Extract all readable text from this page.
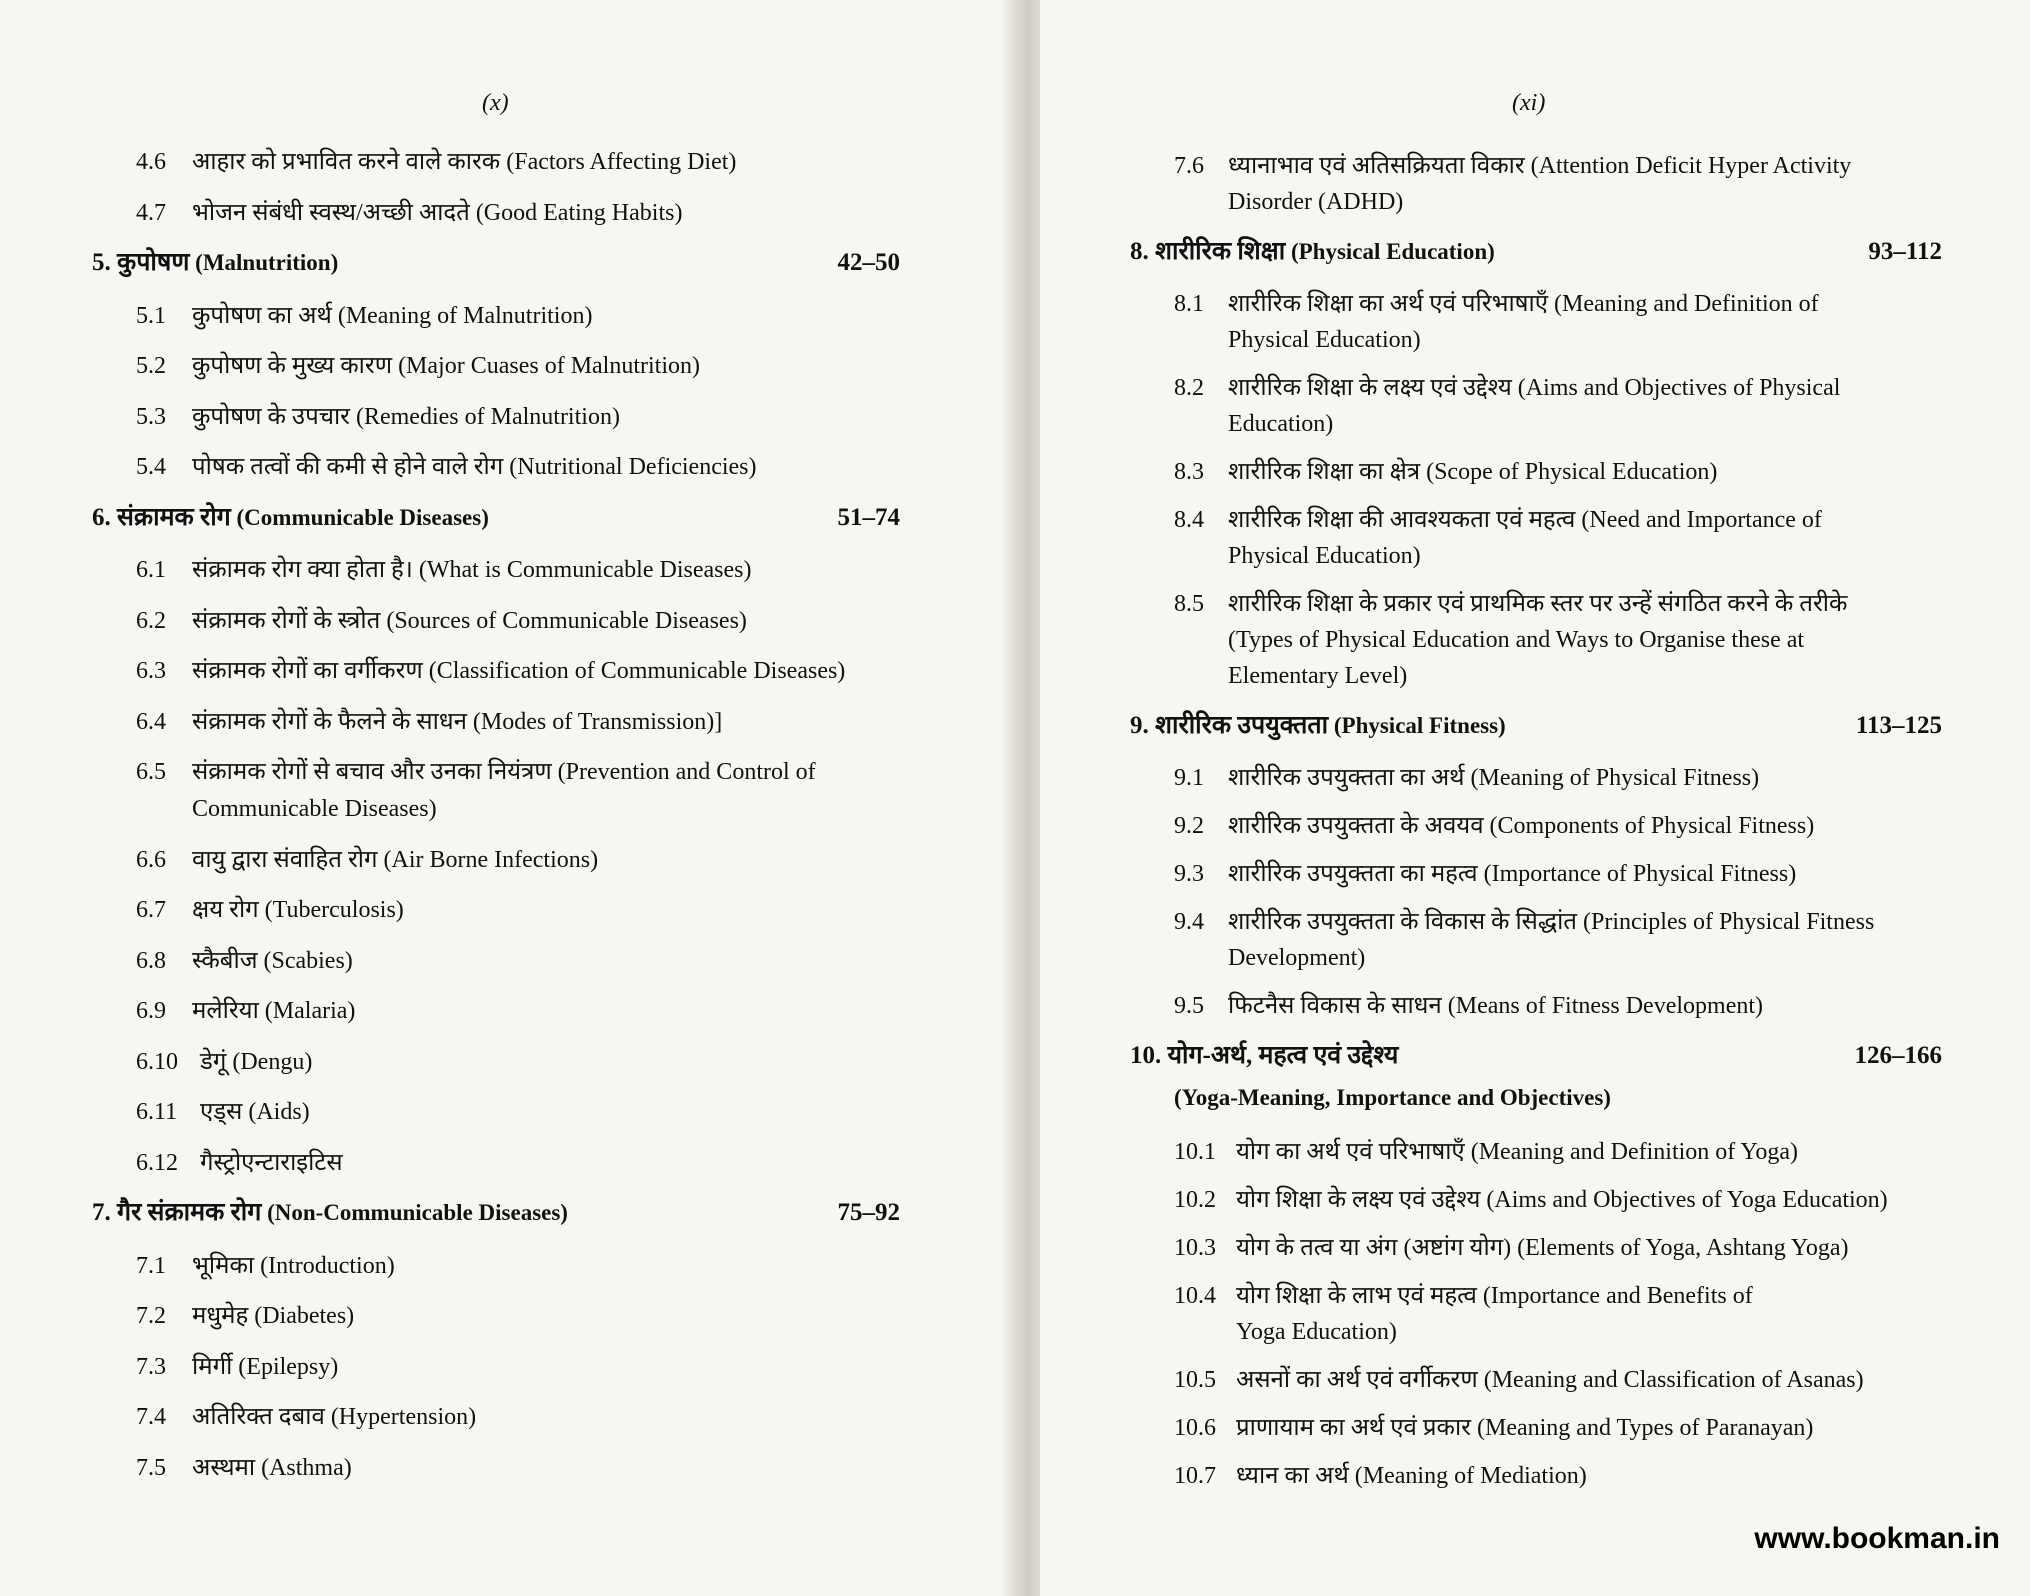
(x)
4.6 आहार को प्रभावित करने वाले कारक (Factors Affecting Diet)
4.7 भोजन संबंधी स्वस्थ/अच्छी आदते (Good Eating Habits)
5. कुपोषण (Malnutrition)	42–50
5.1 कुपोषण का अर्थ (Meaning of Malnutrition)
5.2 कुपोषण के मुख्य कारण (Major Cuases of Malnutrition)
5.3 कुपोषण के उपचार (Remedies of Malnutrition)
5.4 पोषक तत्वों की कमी से होने वाले रोग (Nutritional Deficiencies)
6. संक्रामक रोग (Communicable Diseases)	51–74
6.1 संक्रामक रोग क्या होता है। (What is Communicable Diseases)
6.2 संक्रामक रोगों के स्त्रोत (Sources of Communicable Diseases)
6.3 संक्रामक रोगों का वर्गीकरण (Classification of Communicable Diseases)
6.4 संक्रामक रोगों के फैलने के साधन (Modes of Transmission)]
6.5 संक्रामक रोगों से बचाव और उनका नियंत्रण (Prevention and Control of
Communicable Diseases)
6.6 वायु द्वारा संवाहित रोग (Air Borne Infections)
6.7 क्षय रोग (Tuberculosis)
6.8 स्कैबीज (Scabies)
6.9 मलेरिया (Malaria)
6.10 डेगूं (Dengu)
6.11 एड्स (Aids)
6.12 गैस्ट्रोएन्टाराइटिस
7. गैर संक्रामक रोग (Non-Communicable Diseases)	75–92
7.1 भूमिका (Introduction)
7.2 मधुमेह (Diabetes)
7.3 मिर्गी (Epilepsy)
7.4 अतिरिक्त दबाव (Hypertension)
7.5 अस्थमा (Asthma)
(xi)
7.6 ध्यानाभाव एवं अतिसक्रियता विकार (Attention Deficit Hyper Activity
Disorder (ADHD)
8. शारीरिक शिक्षा (Physical Education)	93–112
8.1 शारीरिक शिक्षा का अर्थ एवं परिभाषाएँ (Meaning and Definition of
Physical Education)
8.2 शारीरिक शिक्षा के लक्ष्य एवं उद्देश्य (Aims and Objectives of Physical
Education)
8.3 शारीरिक शिक्षा का क्षेत्र (Scope of Physical Education)
8.4 शारीरिक शिक्षा की आवश्यकता एवं महत्व (Need and Importance of
Physical Education)
8.5 शारीरिक शिक्षा के प्रकार एवं प्राथमिक स्तर पर उन्हें संगठित करने के तरीके
(Types of Physical Education and Ways to Organise these at
Elementary Level)
9. शारीरिक उपयुक्तता (Physical Fitness)	113–125
9.1 शारीरिक उपयुक्तता का अर्थ (Meaning of Physical Fitness)
9.2 शारीरिक उपयुक्तता के अवयव (Components of Physical Fitness)
9.3 शारीरिक उपयुक्तता का महत्व (Importance of Physical Fitness)
9.4 शारीरिक उपयुक्तता के विकास के सिद्धांत (Principles of Physical Fitness
Development)
9.5 फिटनैस विकास के साधन (Means of Fitness Development)
10. योग-अर्थ, महत्व एवं उद्देश्य	126–166
(Yoga-Meaning, Importance and Objectives)
10.1 योग का अर्थ एवं परिभाषाएँ (Meaning and Definition of Yoga)
10.2 योग शिक्षा के लक्ष्य एवं उद्देश्य (Aims and Objectives of Yoga Education)
10.3 योग के तत्व या अंग (अष्टांग योग) (Elements of Yoga, Ashtang Yoga)
10.4 योग शिक्षा के लाभ एवं महत्व (Importance and Benefits of
Yoga Education)
10.5 असनों का अर्थ एवं वर्गीकरण (Meaning and Classification of Asanas)
10.6 प्राणायाम का अर्थ एवं प्रकार (Meaning and Types of Paranayan)
10.7 ध्यान का अर्थ (Meaning of Mediation)
www.bookman.in
